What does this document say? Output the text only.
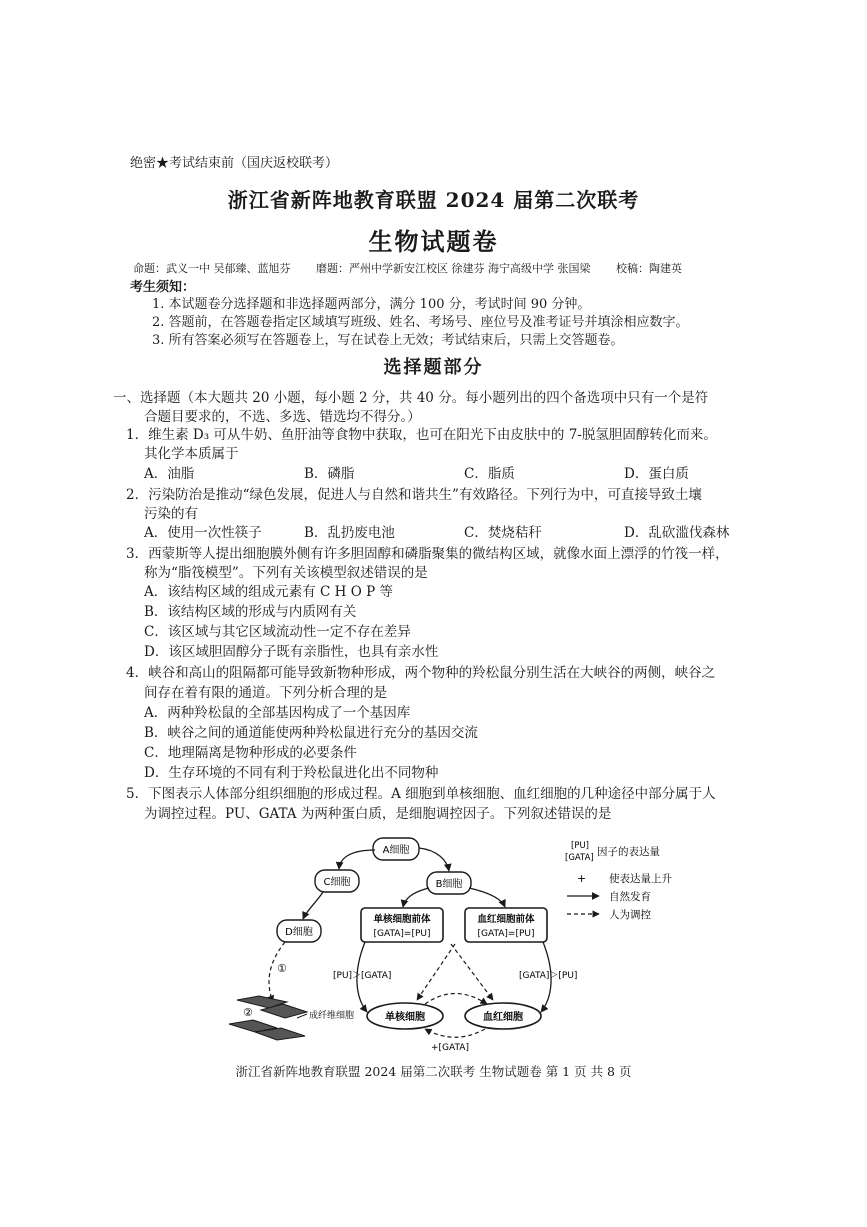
绝密★考试结束前（国庆返校联考）
浙江省新阵地教育联盟 2024 届第二次联考
生物试题卷
命题：武义一中 吴郁臻、蓝旭芬 磨题：严州中学新安江校区 徐建芬 海宁高级中学 张国梁 校稿：陶建英
考生须知：
1. 本试题卷分选择题和非选择题两部分，满分 100 分，考试时间 90 分钟。
2. 答题前，在答题卷指定区域填写班级、姓名、考场号、座位号及准考证号并填涂相应数字。
3. 所有答案必须写在答题卷上，写在试卷上无效；考试结束后，只需上交答题卷。
选择题部分
一、选择题（本大题共 20 小题，每小题 2 分，共 40 分。每小题列出的四个备选项中只有一个是符
合题目要求的，不选、多选、错选均不得分。）
1．维生素 D₃ 可从牛奶、鱼肝油等食物中获取，也可在阳光下由皮肤中的 7-脱氢胆固醇转化而来。
其化学本质属于
A．油脂	B．磷脂	C．脂质	D．蛋白质
2．污染防治是推动“绿色发展，促进人与自然和谐共生”有效路径。下列行为中，可直接导致土壤
污染的有
A．使用一次性筷子	B．乱扔废电池	C．焚烧秸秆	D．乱砍滥伐森林
3．西蒙斯等人提出细胞膜外侧有许多胆固醇和磷脂聚集的微结构区域，就像水面上漂浮的竹筏一样，
称为“脂筏模型”。下列有关该模型叙述错误的是
A．该结构区域的组成元素有 C H O P 等
B．该结构区域的形成与内质网有关
C．该区域与其它区域流动性一定不存在差异
D．该区域胆固醇分子既有亲脂性，也具有亲水性
4．峡谷和高山的阻隔都可能导致新物种形成，两个物种的羚松鼠分别生活在大峡谷的两侧，峡谷之
间存在着有限的通道。下列分析合理的是
A．两种羚松鼠的全部基因构成了一个基因库
B．峡谷之间的通道能使两种羚松鼠进行充分的基因交流
C．地理隔离是物种形成的必要条件
D．生存环境的不同有利于羚松鼠进化出不同物种
5．下图表示人体部分组织细胞的形成过程。A 细胞到单核细胞、血红细胞的几种途径中部分属于人
为调控过程。PU、GATA 为两种蛋白质，是细胞调控因子。下列叙述错误的是
A细胞
C细胞	B细胞
D细胞
单核细胞前体
[GATA]=[PU]
血红细胞前体
[GATA]=[PU]
单核细胞	血红细胞
[PU]＞[GATA]	[GATA]＞[PU]
+[GATA]
①
②	成纤维细胞
[PU]
[GATA] 因子的表达量
+ 使表达量上升
自然发育
人为调控
浙江省新阵地教育联盟 2024 届第二次联考 生物试题卷 第 1 页 共 8 页
